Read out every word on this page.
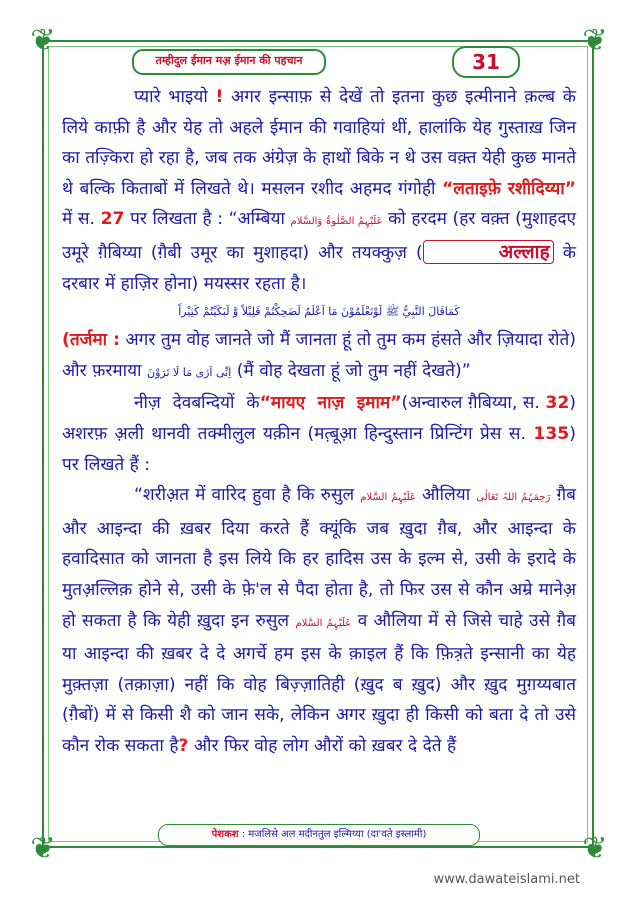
❦	❦
❦	❦
तम्हीदुल ईमान मअ़ ईमान की पहचान	31

प्यारे भाइयो ! अगर इन्साफ़ से देखें तो इतना कुछ इत्मीनाने क़ल्ब के लिये काफ़ी है और येह तो अहले ईमान की गवाहियां थीं, हालांकि येह गुस्ताख़ जिन का तज़्किरा हो रहा है, जब तक अंग्रेज़ के हाथों बिके न थे उस वक़्त येही कुछ मानते थे बल्कि किताबों में लिखते थे। मसलन रशीद अहमद गंगोही “लताइफ़े रशीदिय्या” में स. 27 पर लिखता है : “अम्बिया عَلَیْہِمُ الصَّلٰوۃُ وَالسَّلام को हरदम (हर वक़्त (मुशाहदए उमूरे ग़ैबिय्या (ग़ैबी उमूर का मुशाहदा) और तयक्कुज़ (	अल्लाह के दरबार में हाज़िर होना) मयस्सर रहता है।

كَمَاقَالَ النَّبِيُّ ﷺ لَوْتَعْلَمُوْنَ مَا اَعْلَمُ لَضَحِكْتُمْ قَلِيْلاً وَّ لَبَكَيْتُمْ كَثِيْراً

(तर्जमा : अगर तुम वोह जानते जो मैं जानता हूं तो तुम कम हंसते और ज़ियादा रोते) और फ़रमाया اِنِّی اَرٰی مَا لَا تَرَوْنَ (मैं वोह देखता हूं जो तुम नहीं देखते)”
(अन्वारुल ग़ैबिय्या, स. 32)

नीज़ देवबन्दियों के“मायए नाज़ इमाम” अशरफ़ अ़ली थानवी तक्मीलुल यक़ीन (मत़्बूआ़ हिन्दुस्तान प्रिन्टिंग प्रेस स. 135) पर लिखते हैं :

“शरीअ़त में वारिद हुवा है कि रुसुल عَلَیْہِمُ السَّلام औलिया رَحِمَہُمُ اللہُ تَعَالٰی ग़ैब और आइन्दा की ख़बर दिया करते हैं क्यूंकि जब ख़ुदा ग़ैब, और आइन्दा के हवादिसात को जानता है इस लिये कि हर हादिस उस के इल्म से, उसी के इरादे के मुतअ़ल्लिक़ होने से, उसी के फ़े'ल से पैदा होता है, तो फिर उस से कौन अम्रे मानेअ़ हो सकता है कि येही ख़ुदा इन रुसुल عَلَیْہِمُ السَّلام व औलिया में से जिसे चाहे उसे ग़ैब या आइन्दा की ख़बर दे दे अगर्चे हम इस के क़ाइल हैं कि फ़ित़्रते इन्सानी का येह मुक़्तज़ा (तक़ाज़ा) नहीं कि वोह बिज़्ज़ातिही (ख़ुद ब ख़ुद) और ख़ुद मुग़य्यबात (ग़ैबों) में से किसी शै को जान सके, लेकिन अगर ख़ुदा ही किसी को बता दे तो उसे कौन रोक सकता है? और फिर वोह लोग औरों को ख़बर दे देते हैं

पेशकश : मजलिसे अल मदीनतुल इल्मिय्या (दा'वते इस्लामी)
www.dawateislami.net
